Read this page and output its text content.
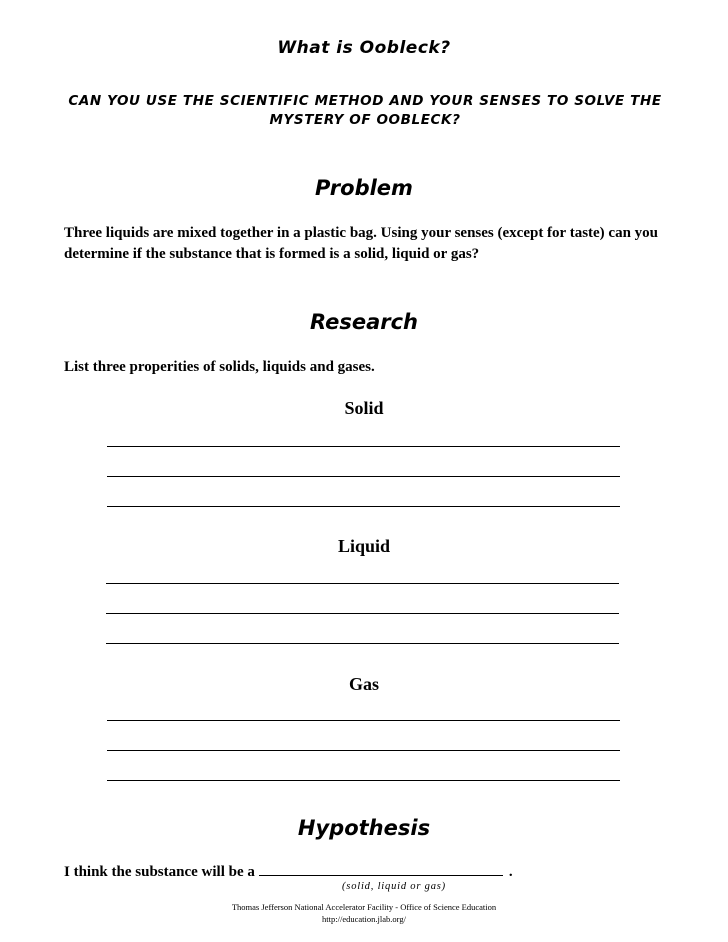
What is Oobleck?
CAN YOU USE THE SCIENTIFIC METHOD AND YOUR SENSES TO SOLVE THE MYSTERY OF OOBLECK?
Problem
Three liquids are mixed together in a plastic bag. Using your senses (except for taste) can you determine if the substance that is formed is a solid, liquid or gas?
Research
List three properities of solids, liquids and gases.
Solid
Liquid
Gas
Hypothesis
I think the substance will be a	.
(solid, liquid or gas)
Thomas Jefferson National Accelerator Facility - Office of Science Education
http://education.jlab.org/
